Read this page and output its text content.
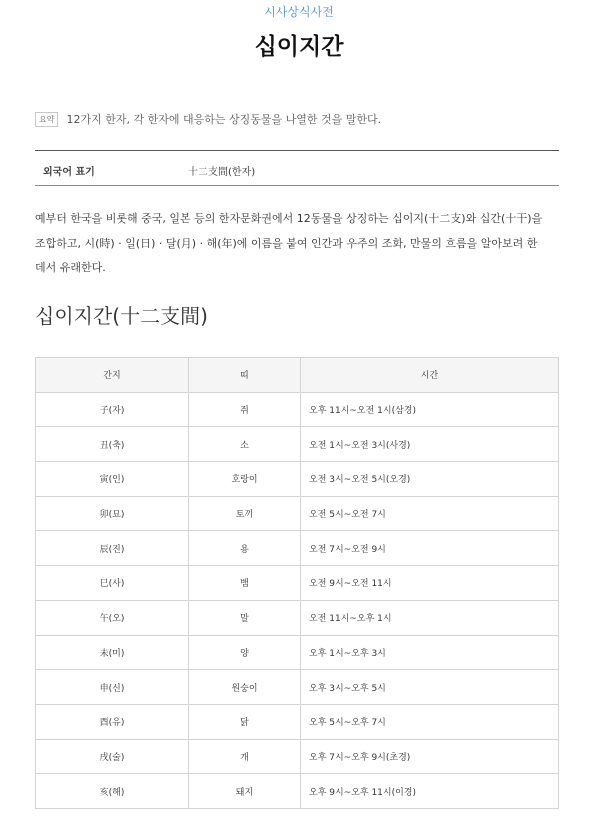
시사상식사전
십이지간
요약 12가지 한자, 각 한자에 대응하는 상징동물을 나열한 것을 말한다.
외국어 표기	十二支間(한자)
예부터 한국을 비롯해 중국, 일본 등의 한자문화권에서 12동물을 상징하는 십이지(十二支)와 십간(十干)을 조합하고, 시(時) · 일(日) · 달(月) · 해(年)에 이름을 붙여 인간과 우주의 조화, 만물의 흐름을 알아보려 한 데서 유래한다.
십이지간(十二支間)
간지	띠	시간
子(자)	쥐	오후 11시~오전 1시(삼경)
丑(축)	소	오전 1시~오전 3시(사경)
寅(인)	호랑이	오전 3시~오전 5시(오경)
卯(묘)	토끼	오전 5시~오전 7시
辰(진)	용	오전 7시~오전 9시
巳(사)	뱀	오전 9시~오전 11시
午(오)	말	오전 11시~오후 1시
未(미)	양	오후 1시~오후 3시
申(신)	원숭이	오후 3시~오후 5시
酉(유)	닭	오후 5시~오후 7시
戌(술)	개	오후 7시~오후 9시(초경)
亥(해)	돼지	오후 9시~오후 11시(이경)
